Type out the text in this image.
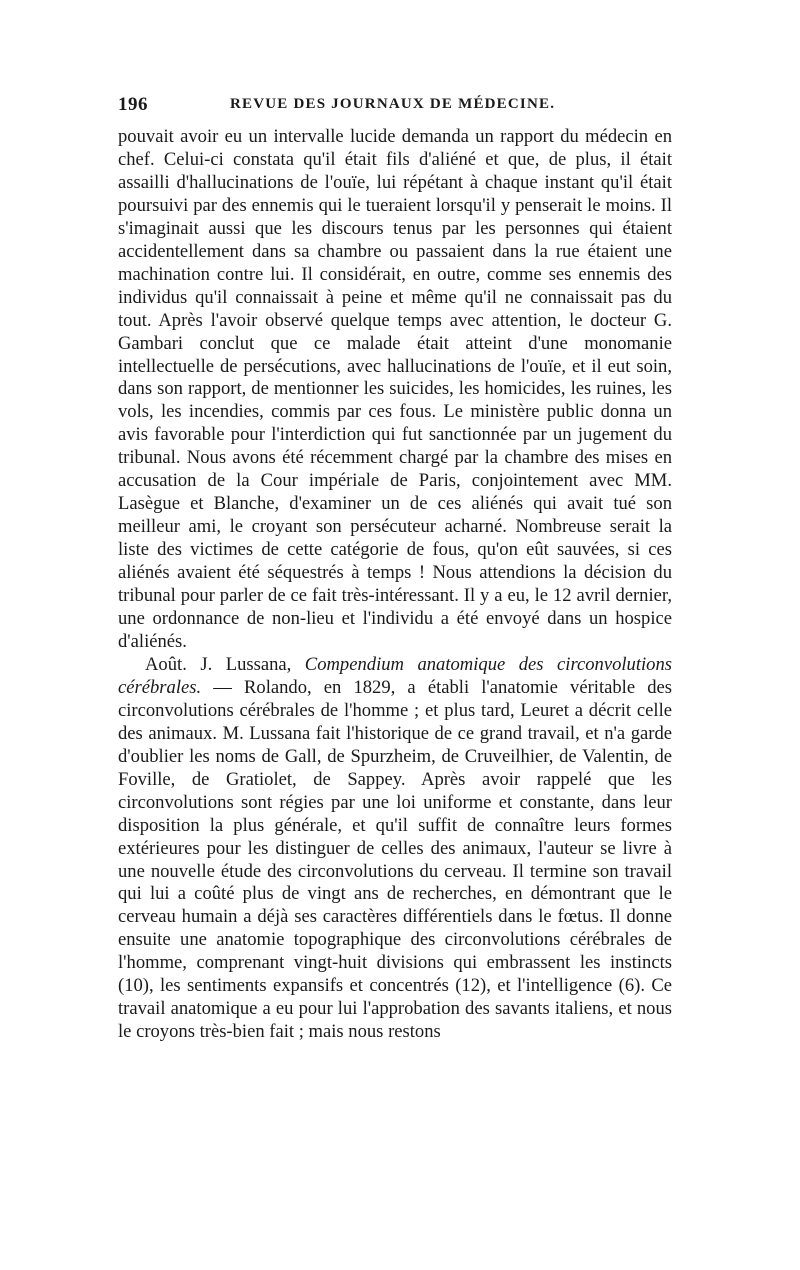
196	REVUE DES JOURNAUX DE MÉDECINE.

pouvait avoir eu un intervalle lucide demanda un rapport du médecin en chef. Celui-ci constata qu'il était fils d'aliéné et que, de plus, il était assailli d'hallucinations de l'ouïe, lui répétant à chaque instant qu'il était poursuivi par des ennemis qui le tueraient lorsqu'il y penserait le moins. Il s'imaginait aussi que les discours tenus par les personnes qui étaient accidentellement dans sa chambre ou passaient dans la rue étaient une machination contre lui. Il considérait, en outre, comme ses ennemis des individus qu'il connaissait à peine et même qu'il ne connaissait pas du tout. Après l'avoir observé quelque temps avec attention, le docteur G. Gambari conclut que ce malade était atteint d'une monomanie intellectuelle de persécutions, avec hallucinations de l'ouïe, et il eut soin, dans son rapport, de mentionner les suicides, les homicides, les ruines, les vols, les incendies, commis par ces fous. Le ministère public donna un avis favorable pour l'interdiction qui fut sanctionnée par un jugement du tribunal. Nous avons été récemment chargé par la chambre des mises en accusation de la Cour impériale de Paris, conjointement avec MM. Lasègue et Blanche, d'examiner un de ces aliénés qui avait tué son meilleur ami, le croyant son persécuteur acharné. Nombreuse serait la liste des victimes de cette catégorie de fous, qu'on eût sauvées, si ces aliénés avaient été séquestrés à temps ! Nous attendions la décision du tribunal pour parler de ce fait très-intéressant. Il y a eu, le 12 avril dernier, une ordonnance de non-lieu et l'individu a été envoyé dans un hospice d'aliénés.

Août. J. Lussana, Compendium anatomique des circonvolutions cérébrales. — Rolando, en 1829, a établi l'anatomie véritable des circonvolutions cérébrales de l'homme ; et plus tard, Leuret a décrit celle des animaux. M. Lussana fait l'historique de ce grand travail, et n'a garde d'oublier les noms de Gall, de Spurzheim, de Cruveilhier, de Valentin, de Foville, de Gratiolet, de Sappey. Après avoir rappelé que les circonvolutions sont régies par une loi uniforme et constante, dans leur disposition la plus générale, et qu'il suffit de connaître leurs formes extérieures pour les distinguer de celles des animaux, l'auteur se livre à une nouvelle étude des circonvolutions du cerveau. Il termine son travail qui lui a coûté plus de vingt ans de recherches, en démontrant que le cerveau humain a déjà ses caractères différentiels dans le fœtus. Il donne ensuite une anatomie topographique des circonvolutions cérébrales de l'homme, comprenant vingt-huit divisions qui embrassent les instincts (10), les sentiments expansifs et concentrés (12), et l'intelligence (6). Ce travail anatomique a eu pour lui l'approbation des savants italiens, et nous le croyons très-bien fait ; mais nous restons
